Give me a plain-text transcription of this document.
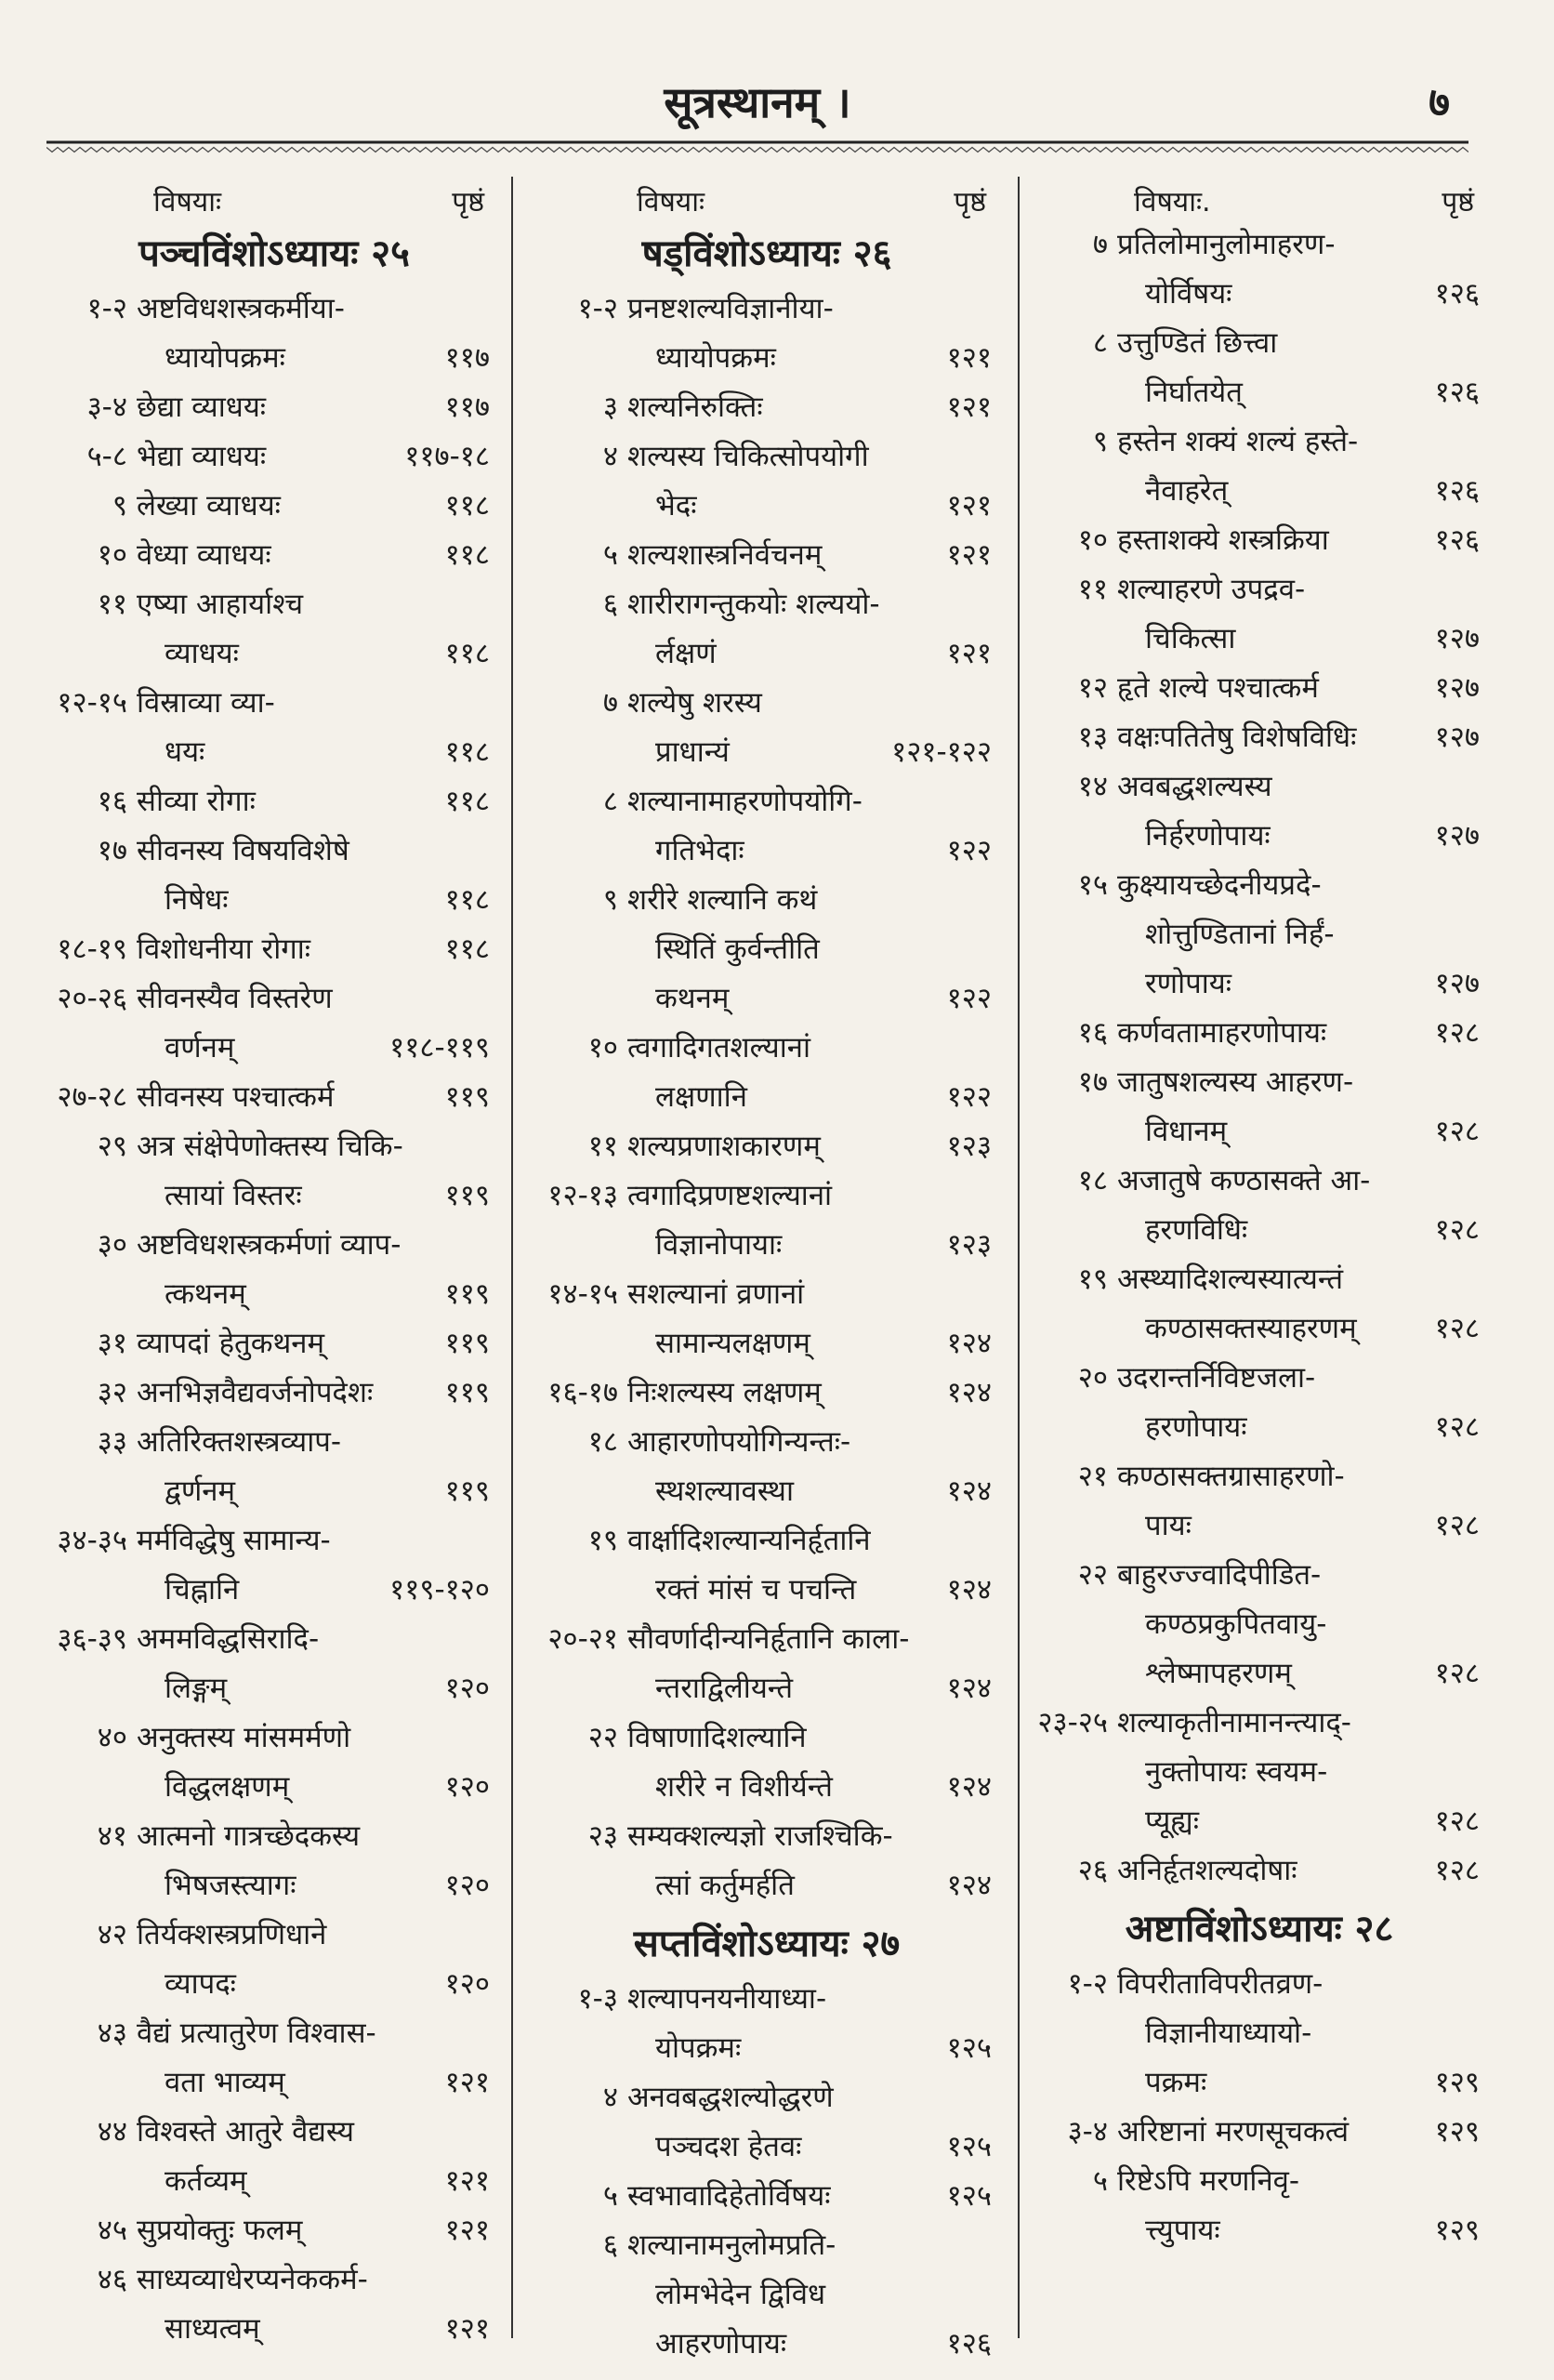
सूत्रस्थानम् ।	७
विषयाः	पृष्ठं
पञ्चविंशोऽध्यायः २५
१-२ अष्टविधशस्त्रकर्मीया-
ध्यायोपक्रमः	११७
३-४ छेद्या व्याधयः	११७
५-८ भेद्या व्याधयः	११७-१८
९ लेख्या व्याधयः	११८
१० वेध्या व्याधयः	११८
११ एष्या आहार्याश्च
व्याधयः	११८
१२-१५ विस्राव्या व्या-
धयः	११८
१६ सीव्या रोगाः	११८
१७ सीवनस्य विषयविशेषे
निषेधः	११८
१८-१९ विशोधनीया रोगाः	११८
२०-२६ सीवनस्यैव विस्तरेण
वर्णनम्	११८-११९
२७-२८ सीवनस्य पश्चात्कर्म	११९
२९ अत्र संक्षेपेणोक्तस्य चिकि-
त्सायां विस्तरः	११९
३० अष्टविधशस्त्रकर्मणां व्याप-
त्कथनम्	११९
३१ व्यापदां हेतुकथनम्	११९
३२ अनभिज्ञवैद्यवर्जनोपदेशः	११९
३३ अतिरिक्तशस्त्रव्याप-
द्वर्णनम्	११९
३४-३५ मर्मविद्धेषु सामान्य-
चिह्नानि	११९-१२०
३६-३९ अममविद्धसिरादि-
लिङ्गम्	१२०
४० अनुक्तस्य मांसमर्मणो
विद्धलक्षणम्	१२०
४१ आत्मनो गात्रच्छेदकस्य
भिषजस्त्यागः	१२०
४२ तिर्यक्शस्त्रप्रणिधाने
व्यापदः	१२०
४३ वैद्यं प्रत्यातुरेण विश्वास-
वता भाव्यम्	१२१
४४ विश्वस्ते आतुरे वैद्यस्य
कर्तव्यम्	१२१
४५ सुप्रयोक्तुः फलम्	१२१
४६ साध्यव्याधेरप्यनेककर्म-
साध्यत्वम्	१२१
विषयाः	पृष्ठं
षड्विंशोऽध्यायः २६
१-२ प्रनष्टशल्यविज्ञानीया-
ध्यायोपक्रमः	१२१
३ शल्यनिरुक्तिः	१२१
४ शल्यस्य चिकित्सोपयोगी
भेदः	१२१
५ शल्यशास्त्रनिर्वचनम्	१२१
६ शारीरागन्तुकयोः शल्ययो-
र्लक्षणं	१२१
७ शल्येषु शरस्य
प्राधान्यं	१२१-१२२
८ शल्यानामाहरणोपयोगि-
गतिभेदाः	१२२
९ शरीरे शल्यानि कथं
स्थितिं कुर्वन्तीति
कथनम्	१२२
१० त्वगादिगतशल्यानां
लक्षणानि	१२२
११ शल्यप्रणाशकारणम्	१२३
१२-१३ त्वगादिप्रणष्टशल्यानां
विज्ञानोपायाः	१२३
१४-१५ सशल्यानां व्रणानां
सामान्यलक्षणम्	१२४
१६-१७ निःशल्यस्य लक्षणम्	१२४
१८ आहारणोपयोगिन्यन्तः-
स्थशल्यावस्था	१२४
१९ वार्क्षादिशल्यान्यनिर्हृतानि
रक्तं मांसं च पचन्ति	१२४
२०-२१ सौवर्णादीन्यनिर्हृतानि काला-
न्तराद्विलीयन्ते	१२४
२२ विषाणादिशल्यानि
शरीरे न विशीर्यन्ते	१२४
२३ सम्यक्शल्यज्ञो राजश्चिकि-
त्सां कर्तुमर्हति	१२४
सप्तविंशोऽध्यायः २७
१-३ शल्यापनयनीयाध्या-
योपक्रमः	१२५
४ अनवबद्धशल्योद्धरणे
पञ्चदश हेतवः	१२५
५ स्वभावादिहेतोर्विषयः	१२५
६ शल्यानामनुलोमप्रति-
लोमभेदेन द्विविध
आहरणोपायः	१२६
विषयाः.	पृष्ठं
७ प्रतिलोमानुलोमाहरण-
योर्विषयः	१२६
८ उत्तुण्डितं छित्त्वा
निर्घातयेत्	१२६
९ हस्तेन शक्यं शल्यं हस्ते-
नैवाहरेत्	१२६
१० हस्ताशक्ये शस्त्रक्रिया	१२६
११ शल्याहरणे उपद्रव-
चिकित्सा	१२७
१२ हृते शल्ये पश्चात्कर्म	१२७
१३ वक्षःपतितेषु विशेषविधिः	१२७
१४ अवबद्धशल्यस्य
निर्हरणोपायः	१२७
१५ कुक्ष्यायच्छेदनीयप्रदे-
शोत्तुण्डितानां निर्हं-
रणोपायः	१२७
१६ कर्णवतामाहरणोपायः	१२८
१७ जातुषशल्यस्य आहरण-
विधानम्	१२८
१८ अजातुषे कण्ठासक्ते आ-
हरणविधिः	१२८
१९ अस्थ्यादिशल्यस्यात्यन्तं
कण्ठासक्तस्याहरणम्	१२८
२० उदरान्तर्निविष्टजला-
हरणोपायः	१२८
२१ कण्ठासक्तग्रासाहरणो-
पायः	१२८
२२ बाहुरज्ज्वादिपीडित-
कण्ठप्रकुपितवायु-
श्लेष्मापहरणम्	१२८
२३-२५ शल्याकृतीनामानन्त्याद्-
नुक्तोपायः स्वयम-
प्यूह्यः	१२८
२६ अनिर्हृतशल्यदोषाः	१२८
अष्टाविंशोऽध्यायः २८
१-२ विपरीताविपरीतव्रण-
विज्ञानीयाध्यायो-
पक्रमः	१२९
३-४ अरिष्टानां मरणसूचकत्वं	१२९
५ रिष्टेऽपि मरणनिवृ-
त्त्युपायः	१२९
